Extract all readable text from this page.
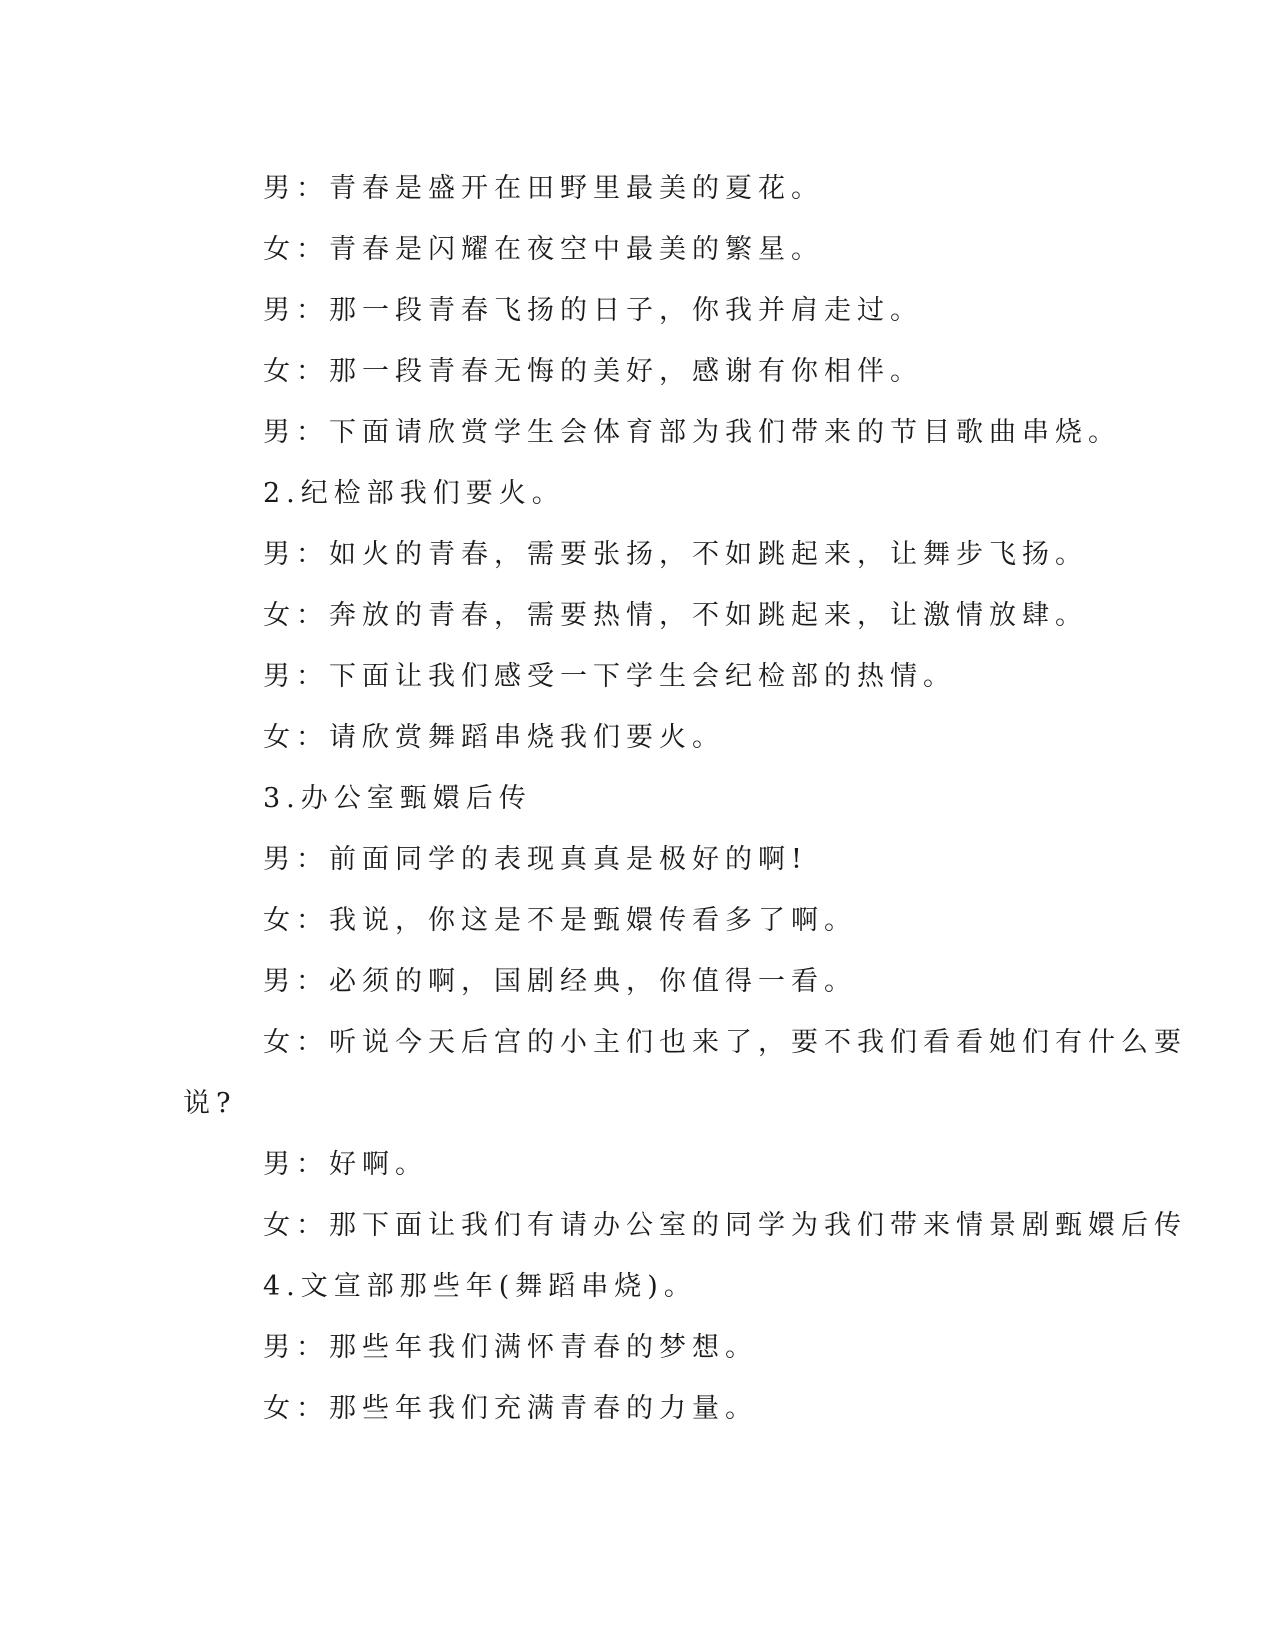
男：青春是盛开在田野里最美的夏花。
女：青春是闪耀在夜空中最美的繁星。
男：那一段青春飞扬的日子，你我并肩走过。
女：那一段青春无悔的美好，感谢有你相伴。
男：下面请欣赏学生会体育部为我们带来的节目歌曲串烧。
2.纪检部我们要火。
男：如火的青春，需要张扬，不如跳起来，让舞步飞扬。
女：奔放的青春，需要热情，不如跳起来，让激情放肆。
男：下面让我们感受一下学生会纪检部的热情。
女：请欣赏舞蹈串烧我们要火。
3.办公室甄嬛后传
男：前面同学的表现真真是极好的啊!
女：我说，你这是不是甄嬛传看多了啊。
男：必须的啊，国剧经典，你值得一看。
女：听说今天后宫的小主们也来了，要不我们看看她们有什么要
说?
男：好啊。
女：那下面让我们有请办公室的同学为我们带来情景剧甄嬛后传
4.文宣部那些年(舞蹈串烧)。
男：那些年我们满怀青春的梦想。
女：那些年我们充满青春的力量。
